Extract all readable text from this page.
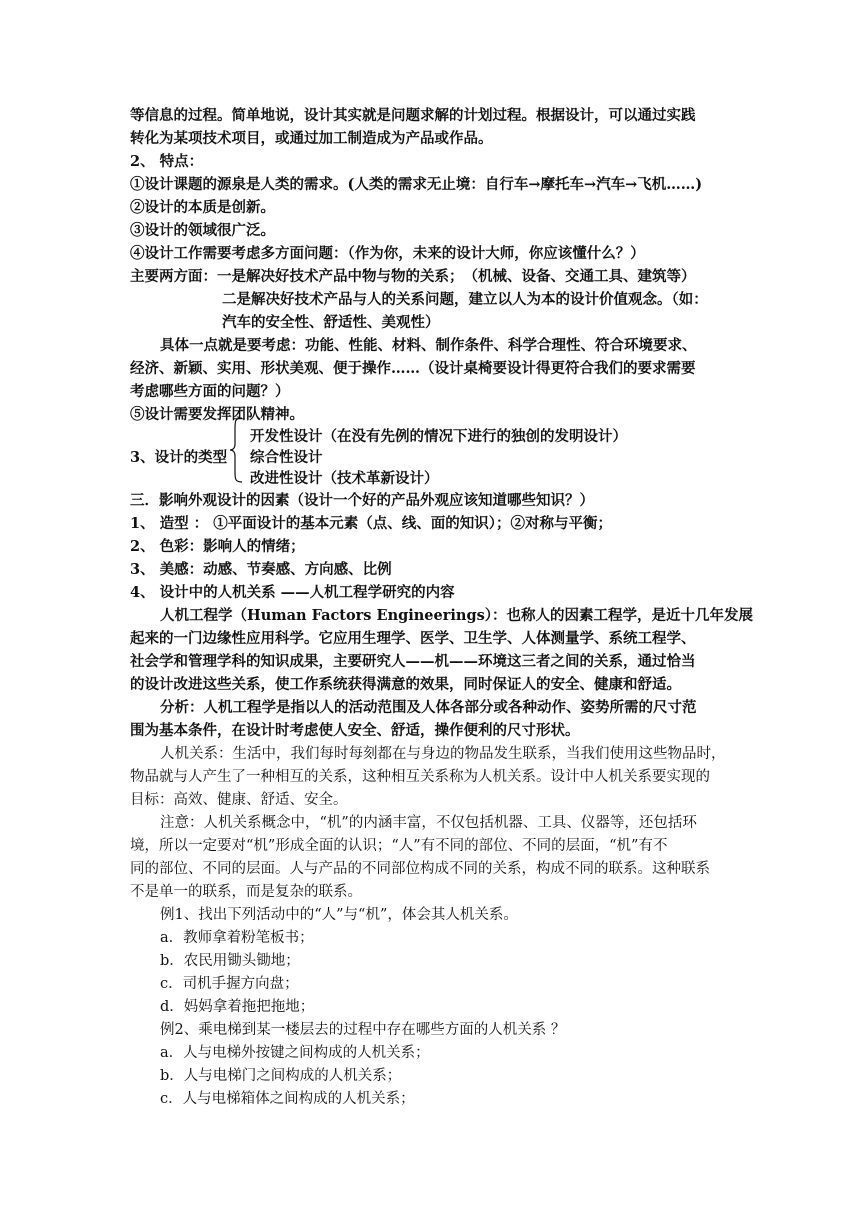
等信息的过程。简单地说，设计其实就是问题求解的计划过程。根据设计，可以通过实践
转化为某项技术项目，或通过加工制造成为产品或作品。
2、 特点：
①设计课题的源泉是人类的需求。(人类的需求无止境：自行车→摩托车→汽车→飞机……)
②设计的本质是创新。
③设计的领域很广泛。
④设计工作需要考虑多方面问题：（作为你，未来的设计大师，你应该懂什么？）
主要两方面：一是解决好技术产品中物与物的关系；　（机械、设备、交通工具、建筑等）
二是解决好技术产品与人的关系问题，建立以人为本的设计价值观念。（如：
汽车的安全性、舒适性、美观性）
具体一点就是要考虑：功能、性能、材料、制作条件、科学合理性、符合环境要求、
经济、新颖、实用、形状美观、便于操作……（设计桌椅要设计得更符合我们的要求需要
考虑哪些方面的问题？）
⑤设计需要发挥团队精神。
开发性设计（在没有先例的情况下进行的独创的发明设计）
3、设计的类型	综合性设计
改进性设计（技术革新设计）
三．影响外观设计的因素（设计一个好的产品外观应该知道哪些知识？）
1、 造型 ： ①平面设计的基本元素（点、线、面的知识）；②对称与平衡；
2、 色彩：影响人的情绪；
3、 美感：动感、节奏感、方向感、比例
4、 设计中的人机关系 ——人机工程学研究的内容
人机工程学（Human Factors Engineerings）：也称人的因素工程学，是近十几年发展
起来的一门边缘性应用科学。它应用生理学、医学、卫生学、人体测量学、系统工程学、
社会学和管理学科的知识成果，主要研究人——机——环境这三者之间的关系，通过恰当
的设计改进这些关系，使工作系统获得满意的效果，同时保证人的安全、健康和舒适。
分析：人机工程学是指以人的活动范围及人体各部分或各种动作、姿势所需的尺寸范
围为基本条件，在设计时考虑使人安全、舒适，操作便利的尺寸形状。
人机关系：生活中，我们每时每刻都在与身边的物品发生联系，当我们使用这些物品时，
物品就与人产生了一种相互的关系，这种相互关系称为人机关系。设计中人机关系要实现的
目标：高效、健康、舒适、安全。
注意：人机关系概念中，“机”的内涵丰富，不仅包括机器、工具、仪器等，还包括环
境，所以一定要对“机”形成全面的认识；“人”有不同的部位、不同的层面，“机”有不
同的部位、不同的层面。人与产品的不同部位构成不同的关系，构成不同的联系。这种联系
不是单一的联系，而是复杂的联系。
例1、找出下列活动中的“人”与“机”，体会其人机关系。
a．教师拿着粉笔板书；
b．农民用锄头锄地；
c．司机手握方向盘；
d．妈妈拿着拖把拖地；
例2、乘电梯到某一楼层去的过程中存在哪些方面的人机关系 ？
a．人与电梯外按键之间构成的人机关系；
b．人与电梯门之间构成的人机关系；
c．人与电梯箱体之间构成的人机关系；
